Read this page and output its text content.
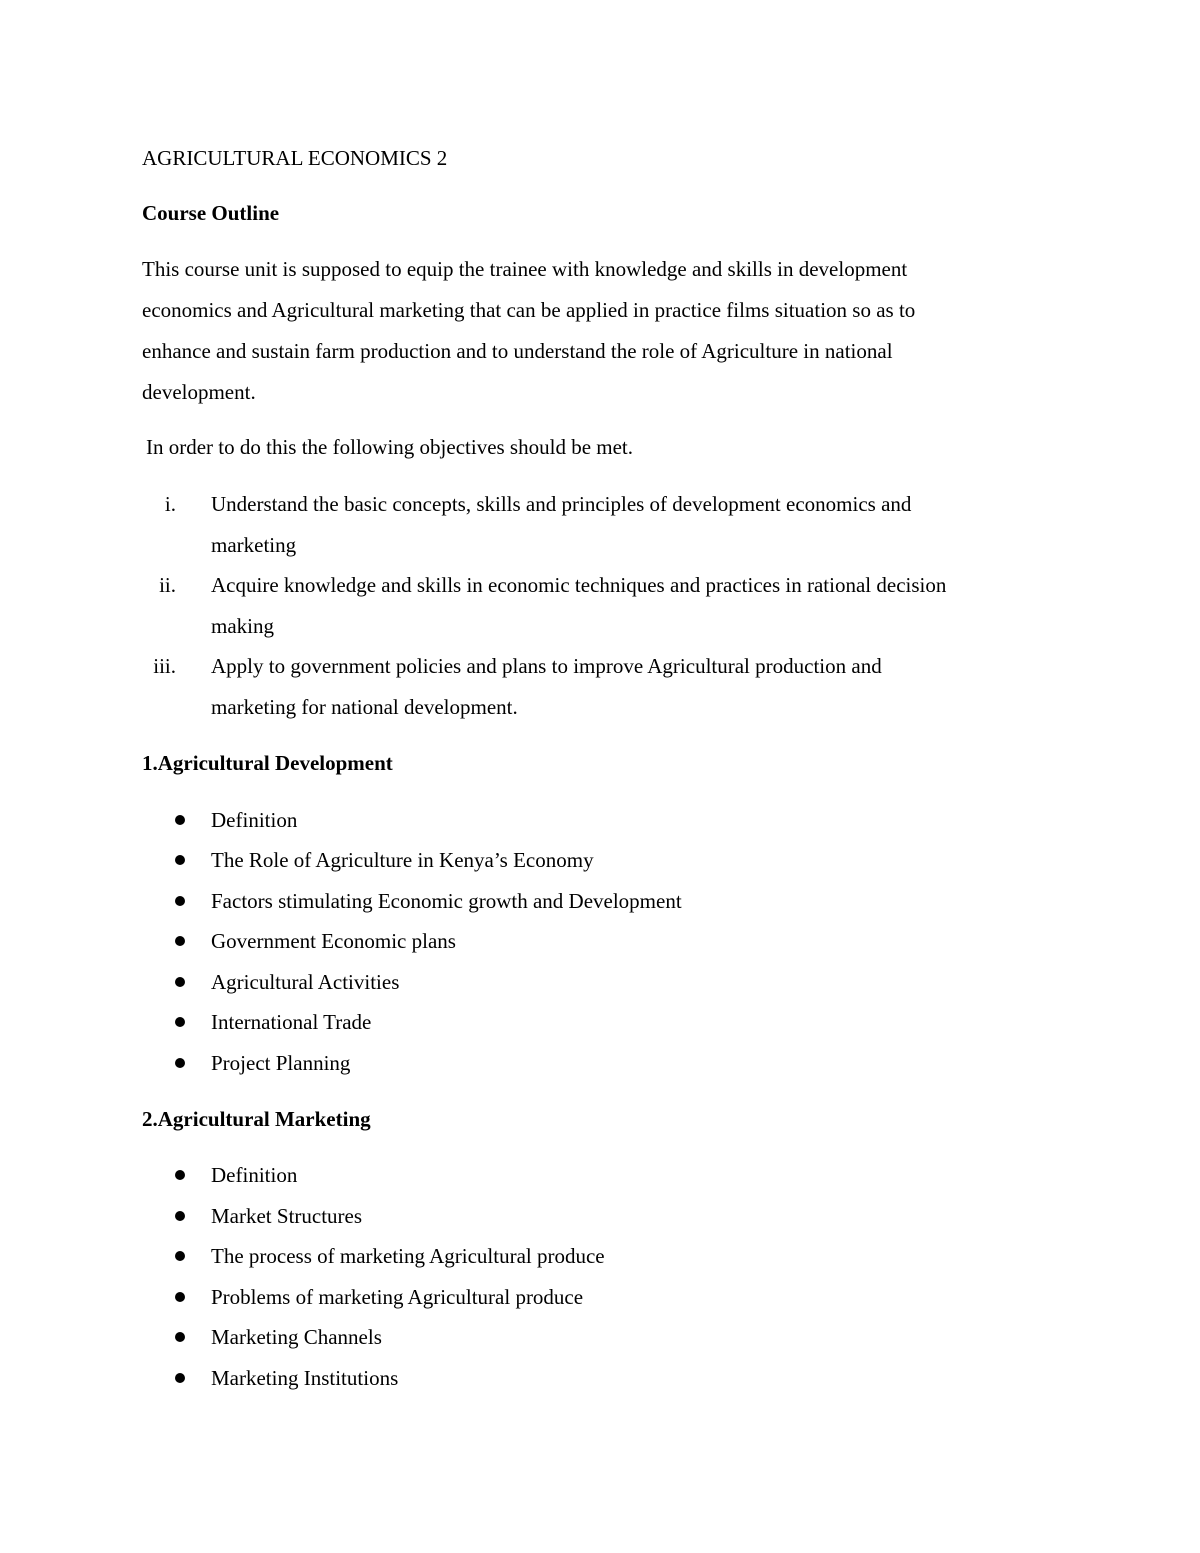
AGRICULTURAL ECONOMICS 2
Course Outline
This course unit is supposed to equip the trainee with knowledge and skills in development
economics and Agricultural marketing that can be applied in practice films situation so as to
enhance and sustain farm production and to understand the role of Agriculture in national
development.
In order to do this the following objectives should be met.
i. Understand the basic concepts, skills and principles of development economics and
marketing
ii. Acquire knowledge and skills in economic techniques and practices in rational decision
making
iii. Apply to government policies and plans to improve Agricultural production and
marketing for national development.
1.Agricultural Development
Definition
The Role of Agriculture in Kenya’s Economy
Factors stimulating Economic growth and Development
Government Economic plans
Agricultural Activities
International Trade
Project Planning
2.Agricultural Marketing
Definition
Market Structures
The process of marketing Agricultural produce
Problems of marketing Agricultural produce
Marketing Channels
Marketing Institutions
